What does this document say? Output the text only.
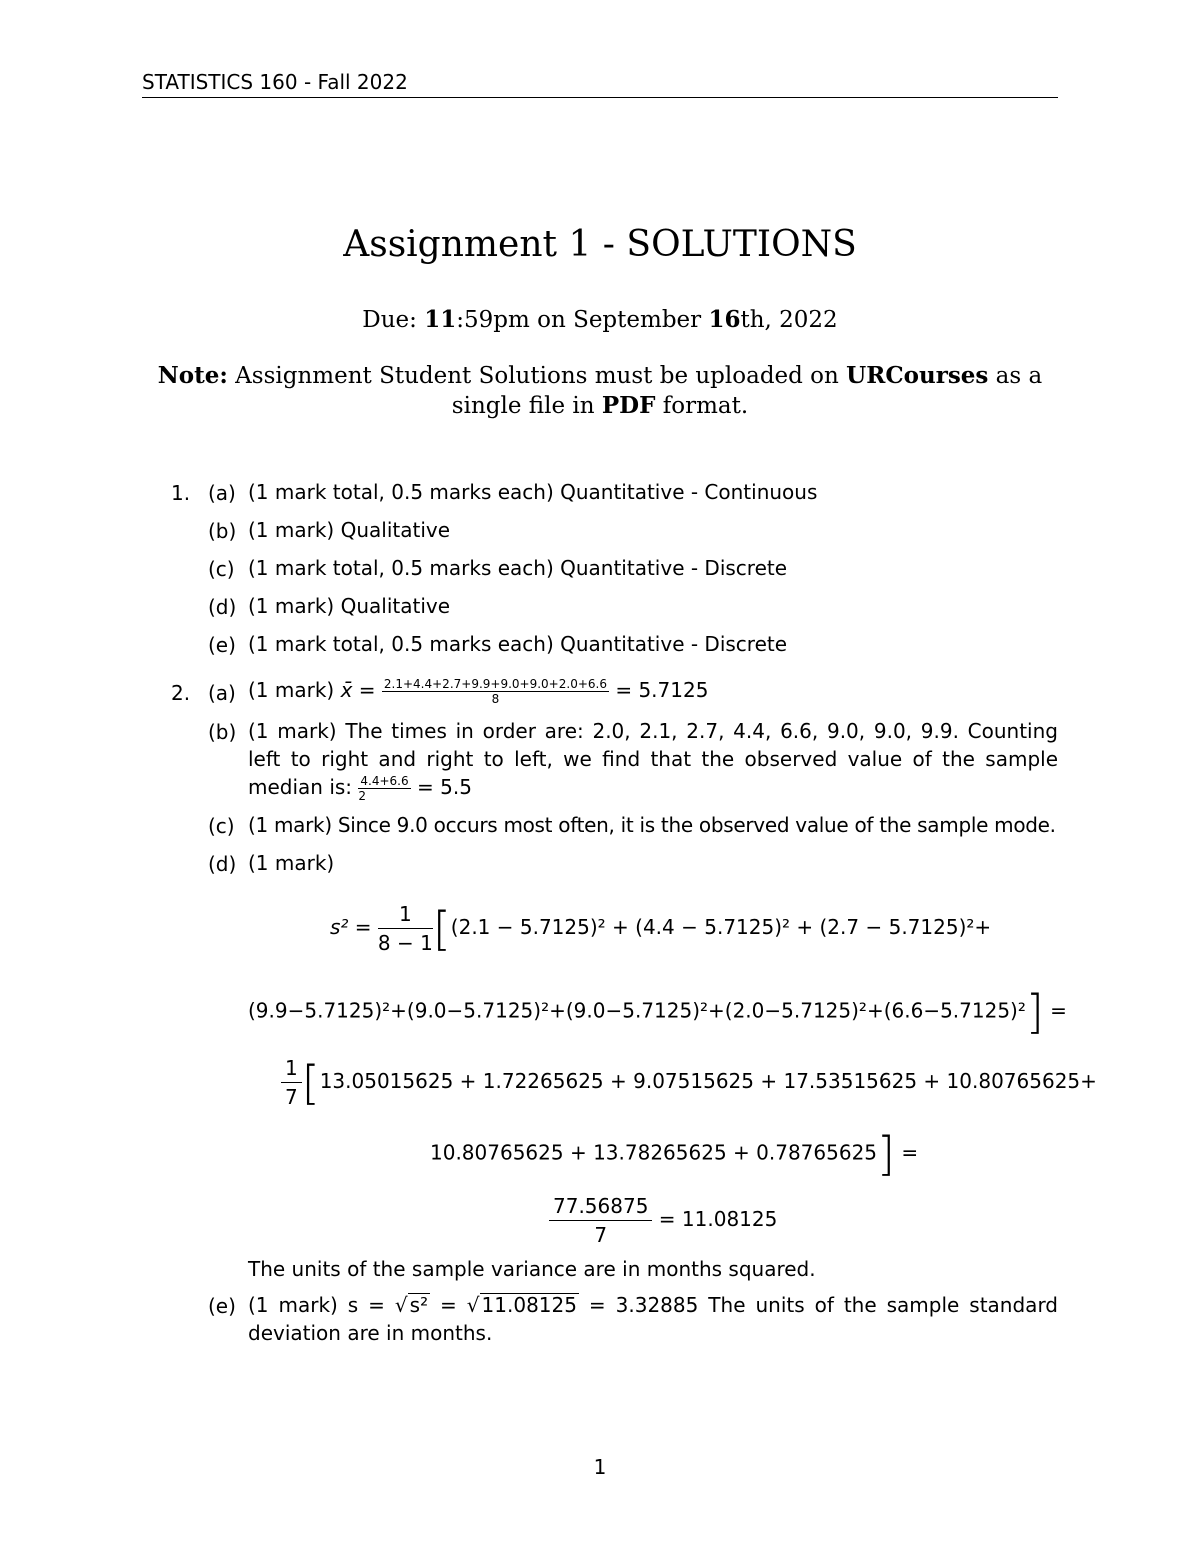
STATISTICS 160 - Fall 2022
Assignment 1 - SOLUTIONS
Due: 11:59pm on September 16th, 2022
Note: Assignment Student Solutions must be uploaded on URCourses as a single file in PDF format.
1. (a) (1 mark total, 0.5 marks each) Quantitative - Continuous
(b) (1 mark) Qualitative
(c) (1 mark total, 0.5 marks each) Quantitative - Discrete
(d) (1 mark) Qualitative
(e) (1 mark total, 0.5 marks each) Quantitative - Discrete
2. (a) (1 mark) x̄ = $\frac{2.1+4.4+2.7+9.9+9.0+9.0+2.0+6.6}{8} = 5.7125$
(b) (1 mark) The times in order are: 2.0, 2.1, 2.7, 4.4, 6.6, 9.0, 9.0, 9.9. Counting left to right and right to left, we find that the observed value of the sample median is: $\frac{4.4+6.6}{2} = 5.5$
(c) (1 mark) Since 9.0 occurs most often, it is the observed value of the sample mode.
(d) (1 mark)
$s^2 = \frac{1}{8 - 1} [(2.1 - 5.7125)^2 + (4.4 - 5.7125)^2 + (2.7 - 5.7125)^2+$
(9.9−5.7125)²+(9.0−5.7125)²+(9.0−5.7125)²+(2.0−5.7125)²+(6.6−5.7125)²] =
$\frac{1}{7} [13.05015625 + 1.72265625 + 9.07515625 + 17.53515625 + 10.80765625+$
10.80765625 + 13.78265625 + 0.78765625] =
$\frac{77.56875}{7} = 11.08125$
The units of the sample variance are in months squared.
(e) (1 mark) s = √ s² = √ 11.08125 = 3.32885 The units of the sample standard deviation are in months.
1
